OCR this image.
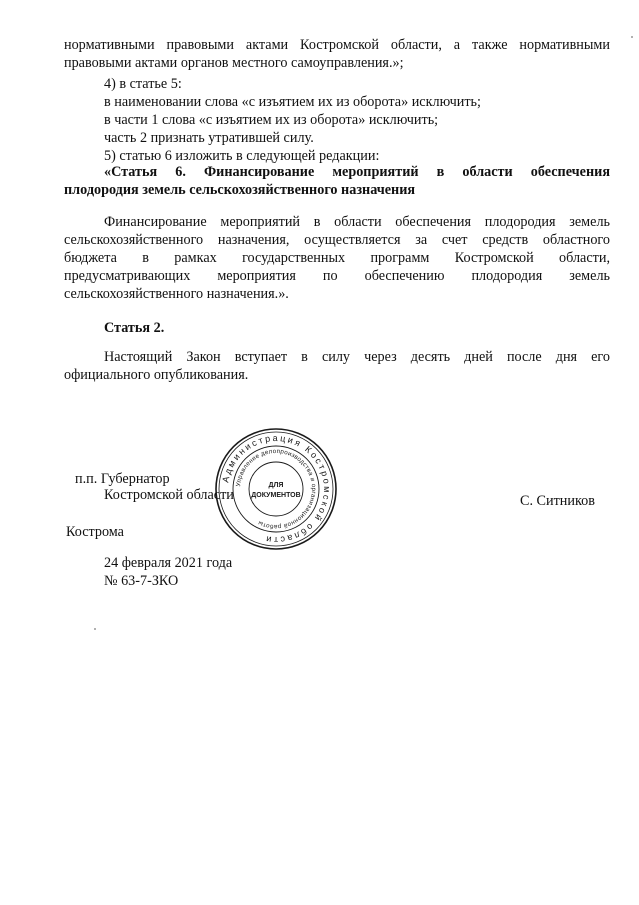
нормативными правовыми актами Костромской области, а также нормативными
правовыми актами органов местного самоуправления.»;
4) в статье 5:
в наименовании слова «с изъятием их из оборота» исключить;
в части 1 слова «с изъятием их из оборота» исключить;
часть 2 признать утратившей силу.
5) статью 6 изложить в следующей редакции:
«Статья 6. Финансирование мероприятий в области обеспечения
плодородия земель сельскохозяйственного назначения
Финансирование мероприятий в области обеспечения плодородия земель
сельскохозяйственного назначения, осуществляется за счет средств областного
бюджета в рамках государственных программ Костромской области,
предусматривающих мероприятия по обеспечению плодородия земель
сельскохозяйственного назначения.».
Статья 2.
Настоящий Закон вступает в силу через десять дней после дня его
официального опубликования.
п.п. Губернатор
Костромской области	С. Ситников
Кострома
24 февраля 2021 года
№ 63-7-ЗКО
Администрация Костромской области
Управление делопроизводства и организационной работы
ДЛЯ
ДОКУМЕНТОВ
